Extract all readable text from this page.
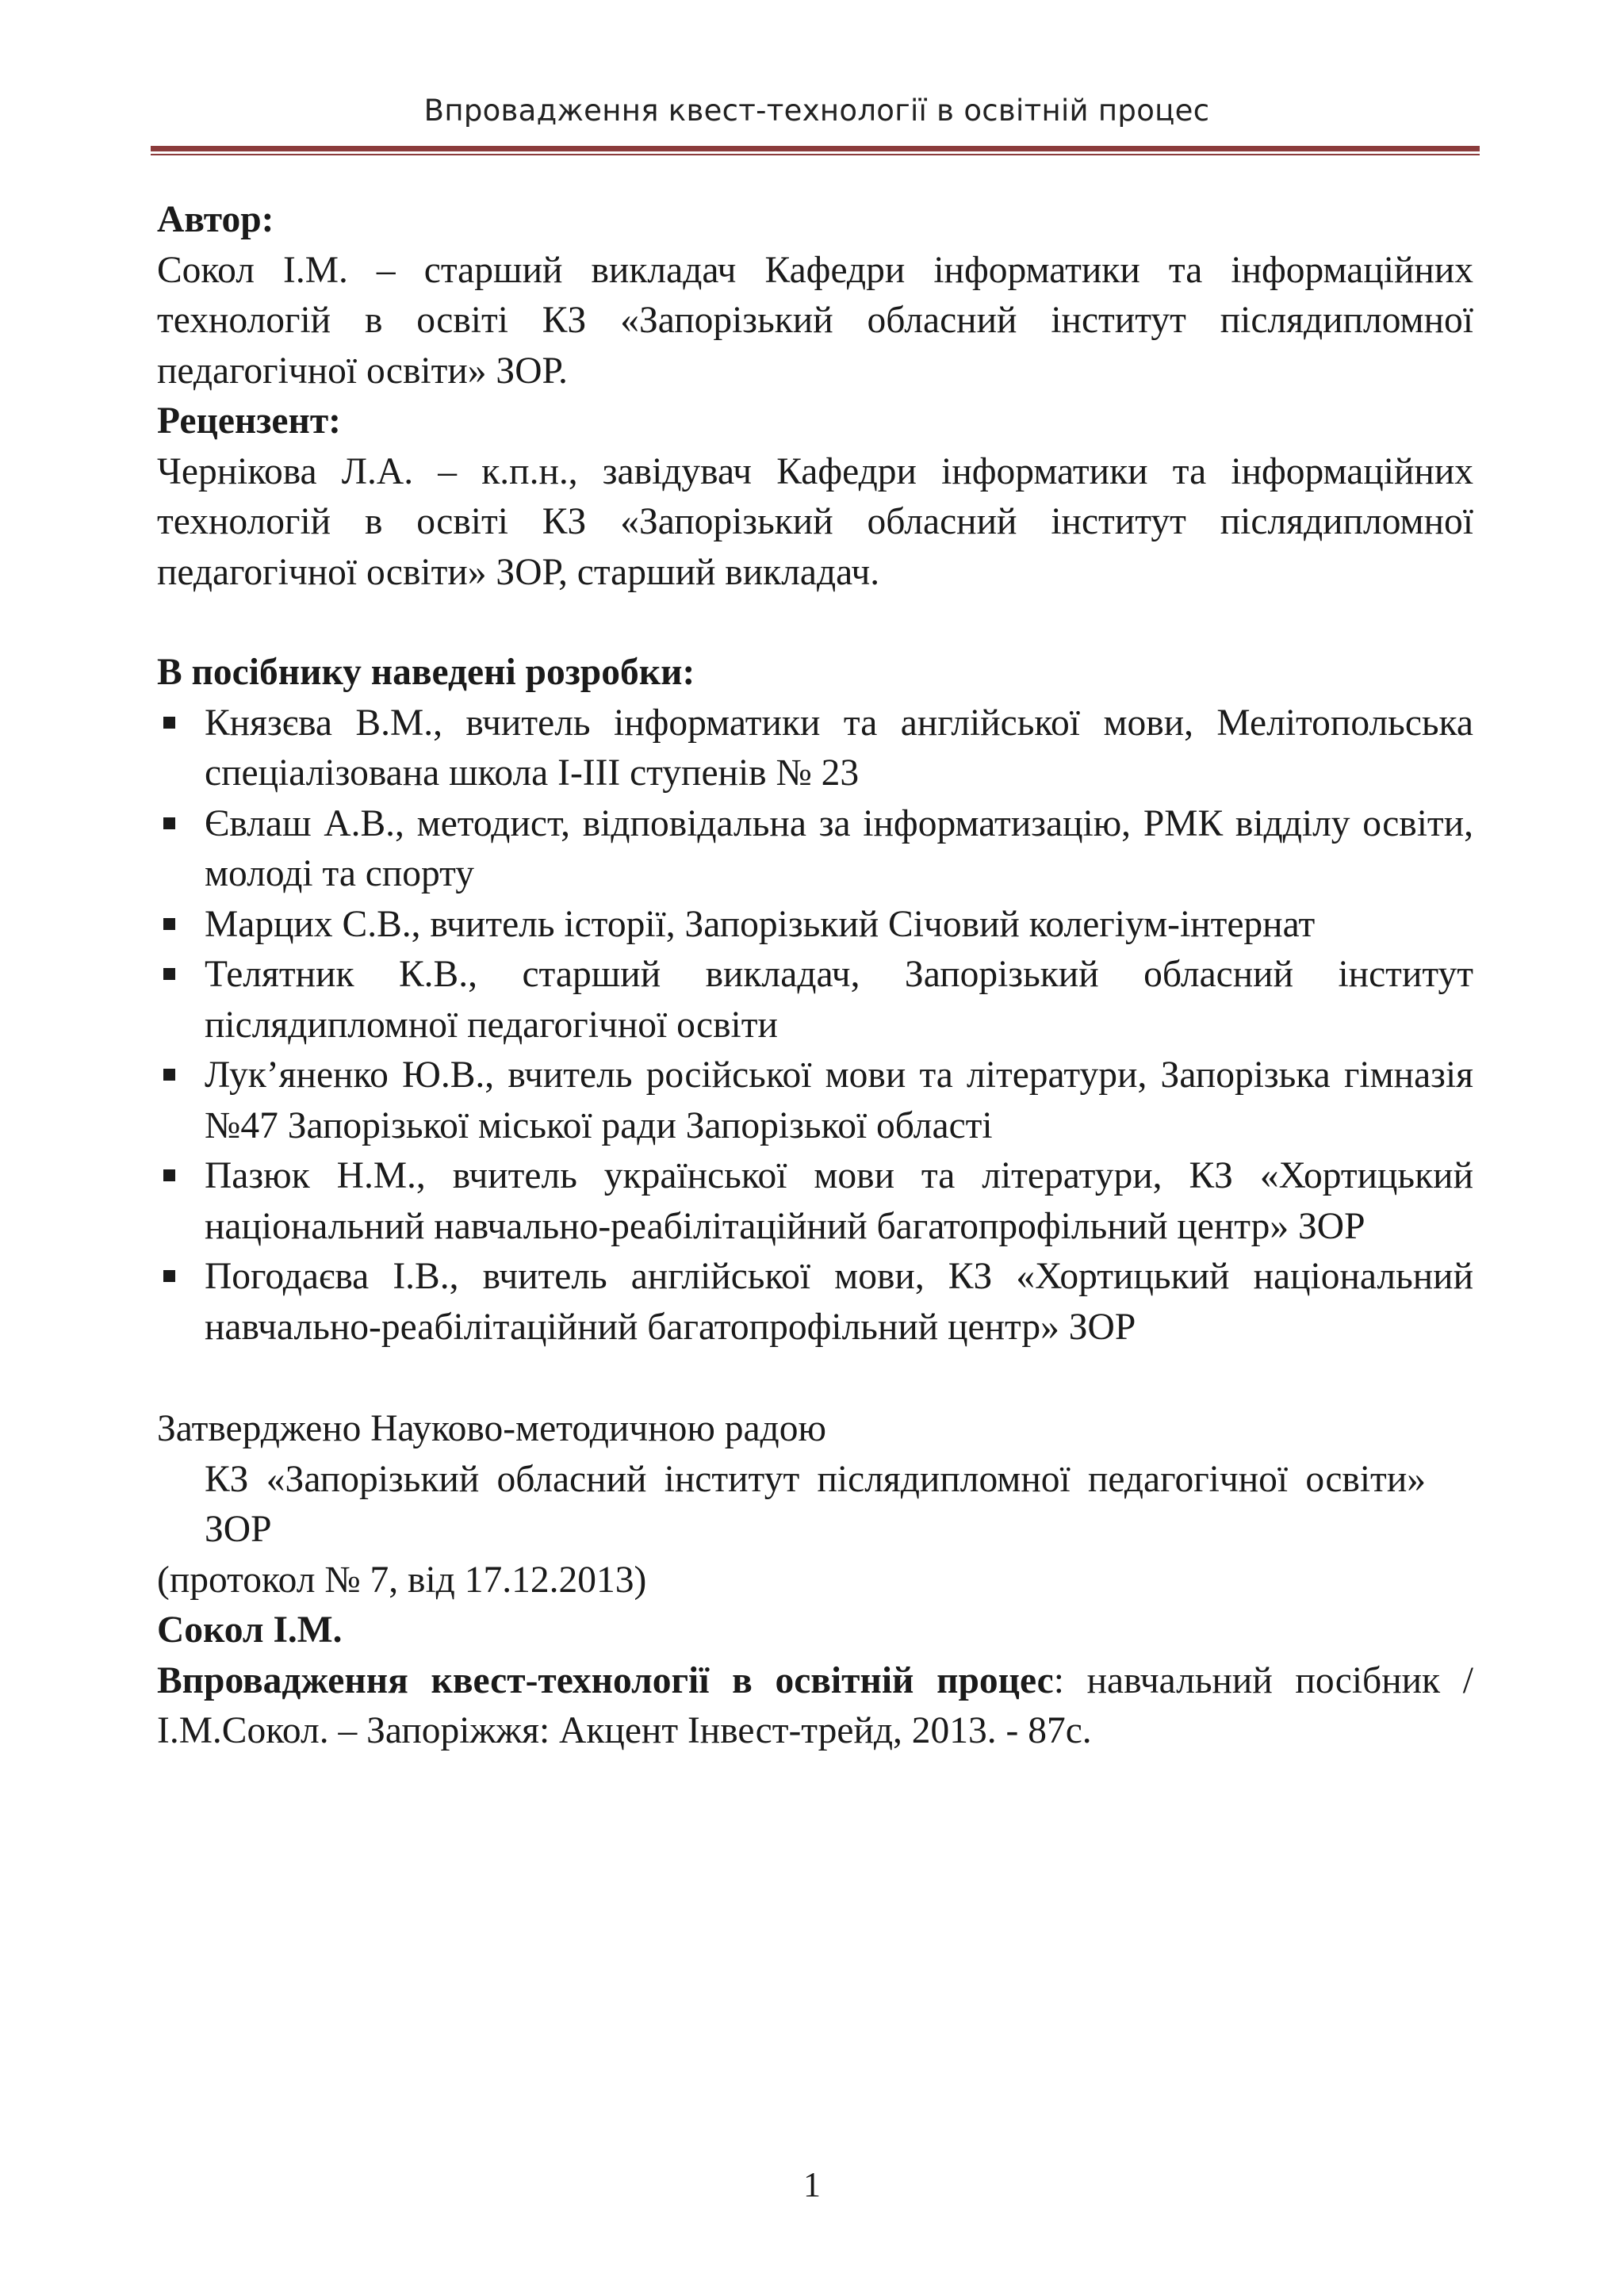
Впровадження квест-технології в освітній процес

Автор:

Сокол І.М. – старший викладач Кафедри інформатики та інформаційних технологій в освіті КЗ «Запорізький обласний інститут післядипломної педагогічної освіти» ЗОР.

Рецензент:

Чернікова Л.А. – к.п.н., завідувач Кафедри інформатики та інформаційних технологій в освіті КЗ «Запорізький обласний інститут післядипломної педагогічної освіти» ЗОР, старший викладач.

В посібнику наведені розробки:

Князєва В.М., вчитель інформатики та англійської мови, Мелітопольська спеціалізована школа І-ІІІ ступенів № 23
Євлаш А.В., методист, відповідальна за інформатизацію, РМК відділу освіти, молоді та спорту
Марцих С.В., вчитель історії, Запорізький Січовий колегіум-інтернат
Телятник К.В., старший викладач, Запорізький обласний інститут післядипломної педагогічної освіти
Лук’яненко Ю.В., вчитель російської мови та літератури, Запорізька гімназія №47 Запорізької міської ради Запорізької області
Пазюк Н.М., вчитель української мови та літератури, КЗ «Хортицький національний навчально-реабілітаційний багатопрофільний центр» ЗОР
Погодаєва І.В., вчитель англійської мови, КЗ «Хортицький національний навчально-реабілітаційний багатопрофільний центр» ЗОР

Затверджено Науково-методичною радою

КЗ «Запорізький обласний інститут післядипломної педагогічної освіти» ЗОР

(протокол № 7, від 17.12.2013)

Сокол І.М.

Впровадження квест-технології в освітній процес: навчальний посібник / І.М.Сокол. – Запоріжжя: Акцент Інвест-трейд, 2013. - 87с.

1
